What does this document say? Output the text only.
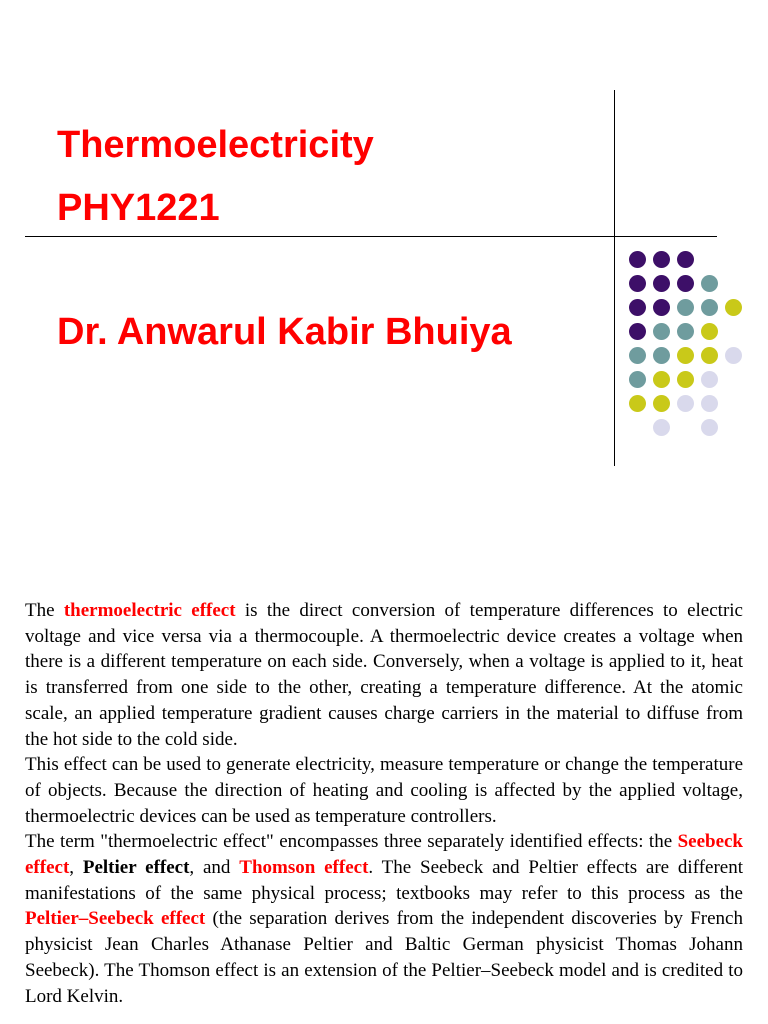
Thermoelectricity
PHY1221
Dr. Anwarul Kabir Bhuiya

The thermoelectric effect is the direct conversion of temperature differences to electric voltage and vice versa via a thermocouple. A thermoelectric device creates a voltage when there is a different temperature on each side. Conversely, when a voltage is applied to it, heat is transferred from one side to the other, creating a temperature difference. At the atomic scale, an applied temperature gradient causes charge carriers in the material to diffuse from the hot side to the cold side.

This effect can be used to generate electricity, measure temperature or change the temperature of objects. Because the direction of heating and cooling is affected by the applied voltage, thermoelectric devices can be used as temperature controllers.

The term "thermoelectric effect" encompasses three separately identified effects: the Seebeck effect, Peltier effect, and Thomson effect. The Seebeck and Peltier effects are different manifestations of the same physical process; textbooks may refer to this process as the Peltier–Seebeck effect (the separation derives from the independent discoveries by French physicist Jean Charles Athanase Peltier and Baltic German physicist Thomas Johann Seebeck). The Thomson effect is an extension of the Peltier–Seebeck model and is credited to Lord Kelvin.
